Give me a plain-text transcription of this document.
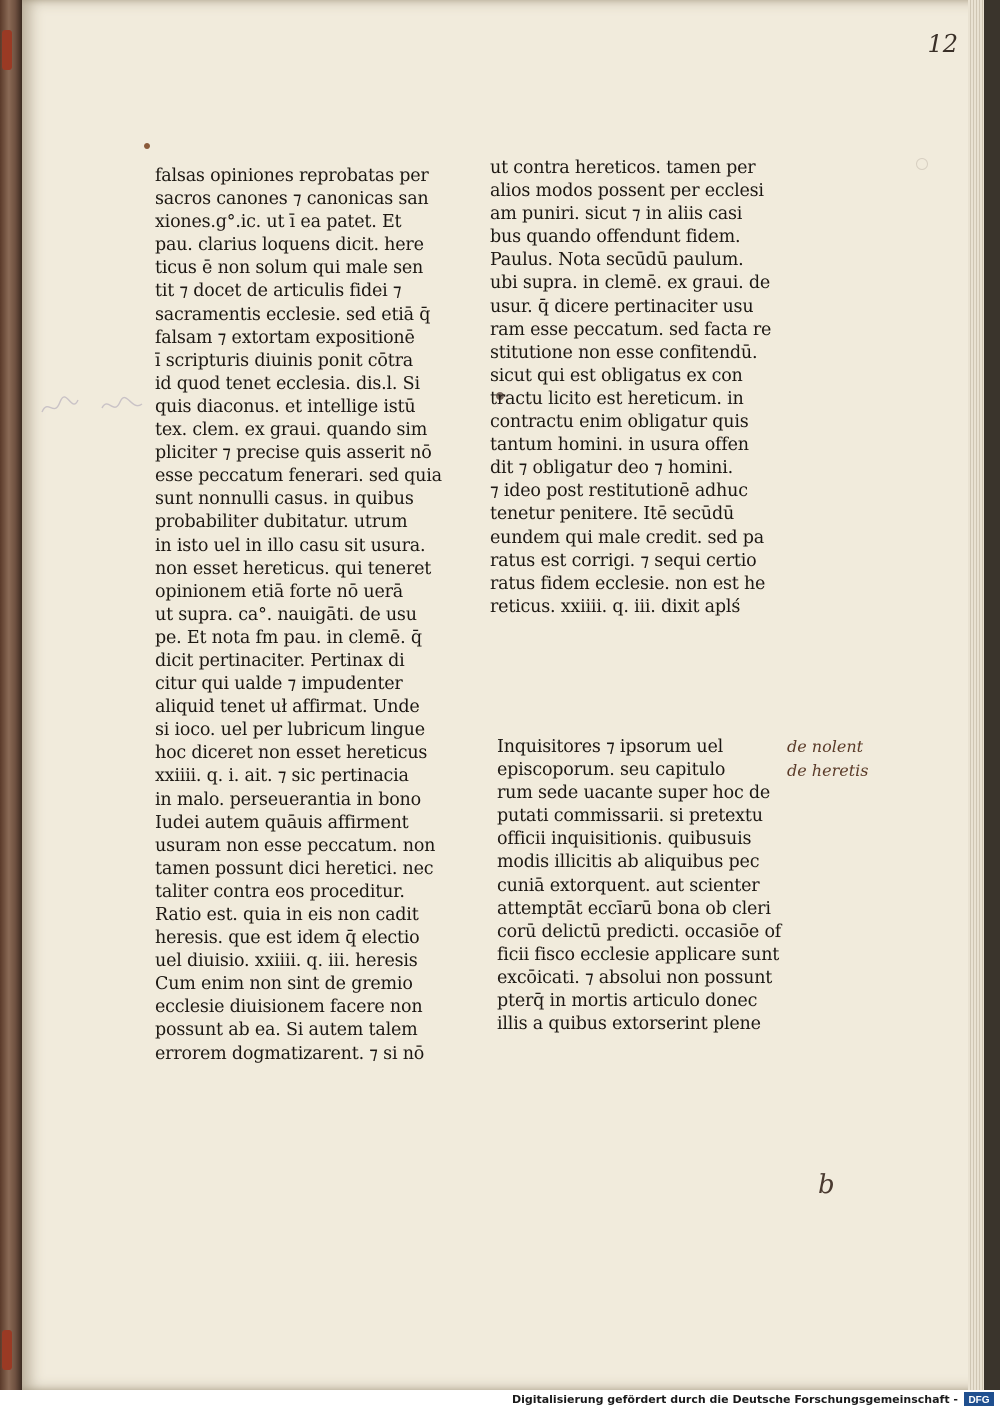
12
falsas opiniones reprobatas per
sacros canones ⁊ canonicas san
xiones.g°.ic. ut ī ea patet. Et
pau. clarius loquens dicit. here
ticus ē non solum qui male sen
tit ⁊ docet de articulis fidei ⁊
sacramentis ecclesie. sed etiā q̄
falsam ⁊ extortam expositionē
ī scripturis diuinis ponit cōtra
id quod tenet ecclesia. dis.l. Si
quis diaconus. et intellige istū
tex. clem. ex graui. quando sim
pliciter ⁊ precise quis asserit nō
esse peccatum fenerari. sed quia
sunt nonnulli casus. in quibus
probabiliter dubitatur. utrum
in isto uel in illo casu sit usura.
non esset hereticus. qui teneret
opinionem etiā forte nō uerā
ut supra. ca°. nauigāti. de usu
pe. Et nota fm pau. in clemē. q̄
dicit pertinaciter. Pertinax di
citur qui ualde ⁊ impudenter
aliquid tenet uł affirmat. Unde
si ioco. uel per lubricum lingue
hoc diceret non esset hereticus
xxiiii. q. i. ait. ⁊ sic pertinacia
in malo. perseuerantia in bono
Iudei autem quāuis affirment
usuram non esse peccatum. non
tamen possunt dici heretici. nec
taliter contra eos proceditur.
Ratio est. quia in eis non cadit
heresis. que est idem q̄ electio
uel diuisio. xxiiii. q. iii. heresis
Cum enim non sint de gremio
ecclesie diuisionem facere non
possunt ab ea. Si autem talem
errorem dogmatizarent. ⁊ si nō
ut contra hereticos. tamen per
alios modos possent per ecclesi
am puniri. sicut ⁊ in aliis casi
bus quando offendunt fidem.
Paulus. Nota secūdū paulum.
ubi supra. in clemē. ex graui. de
usur. q̄ dicere pertinaciter usu
ram esse peccatum. sed facta re
stitutione non esse confitendū.
sicut qui est obligatus ex con
tractu licito est hereticum. in
contractu enim obligatur quis
tantum homini. in usura offen
dit ⁊ obligatur deo ⁊ homini.
⁊ ideo post restitutionē adhuc
tenetur penitere. Itē secūdū
eundem qui male credit. sed pa
ratus est corrigi. ⁊ sequi certio
ratus fidem ecclesie. non est he
reticus. xxiiii. q. iii. dixit aplś
Inquisitores ⁊ ipsorum uel
episcoporum. seu capitulo
rum sede uacante super hoc de
putati commissarii. si pretextu
officii inquisitionis. quibusuis
modis illicitis ab aliquibus pec
cuniā extorquent. aut scienter
attemptāt eccīarū bona ob cleri
corū delictū predicti. occasiōe of
ficii fisco ecclesie applicare sunt
excōicati. ⁊ absolui non possunt
pterq̄ in mortis articulo donec
illis a quibus extorserint plene
de nolent
de heretis
b
Digitalisierung gefördert durch die Deutsche Forschungsgemeinschaft - DFG
